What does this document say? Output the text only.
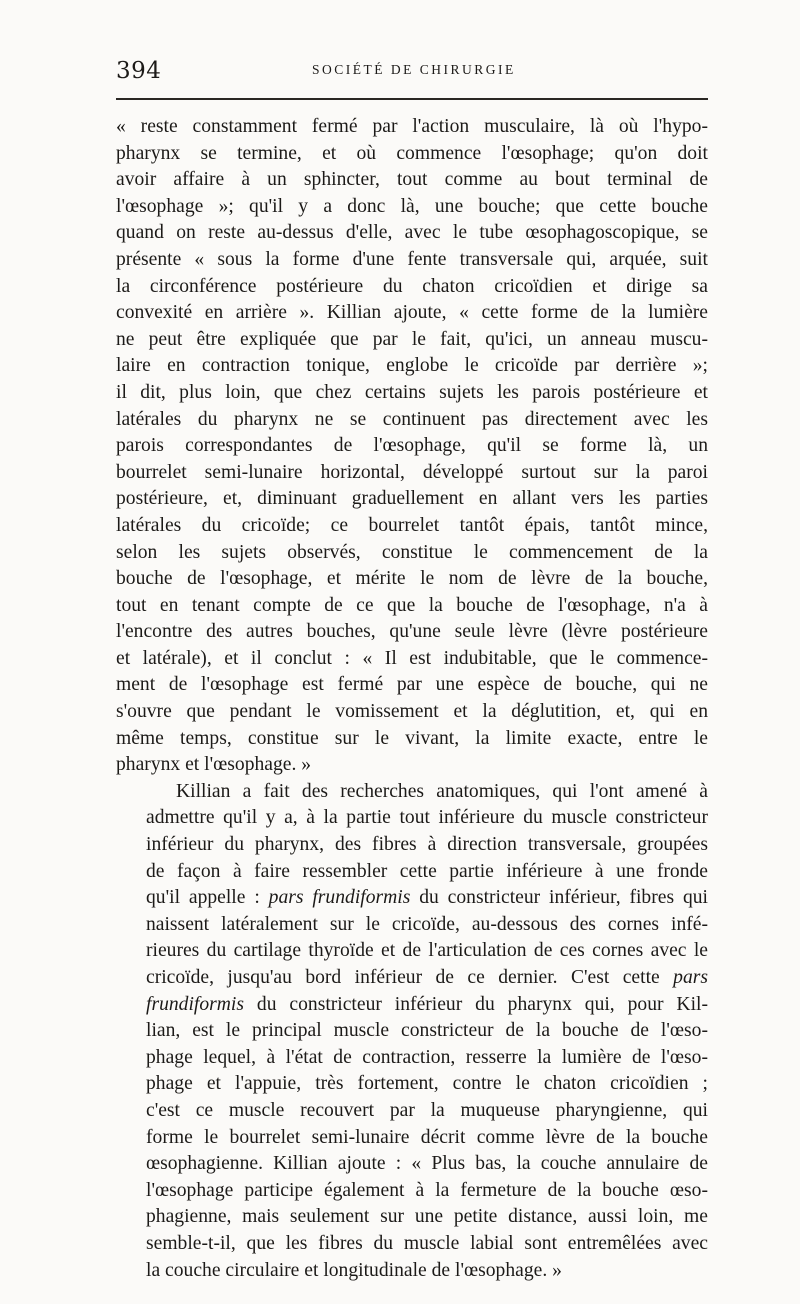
394	SOCIÉTÉ DE CHIRURGIE

« reste constamment fermé par l'action musculaire, là où l'hypo-
pharynx se termine, et où commence l'œsophage; qu'on doit
avoir affaire à un sphincter, tout comme au bout terminal de
l'œsophage »; qu'il y a donc là, une bouche; que cette bouche
quand on reste au-dessus d'elle, avec le tube œsophagoscopique, se
présente « sous la forme d'une fente transversale qui, arquée, suit
la circonférence postérieure du chaton cricoïdien et dirige sa
convexité en arrière ». Killian ajoute, « cette forme de la lumière
ne peut être expliquée que par le fait, qu'ici, un anneau muscu-
laire en contraction tonique, englobe le cricoïde par derrière »;
il dit, plus loin, que chez certains sujets les parois postérieure et
latérales du pharynx ne se continuent pas directement avec les
parois correspondantes de l'œsophage, qu'il se forme là, un
bourrelet semi-lunaire horizontal, développé surtout sur la paroi
postérieure, et, diminuant graduellement en allant vers les parties
latérales du cricoïde; ce bourrelet tantôt épais, tantôt mince,
selon les sujets observés, constitue le commencement de la
bouche de l'œsophage, et mérite le nom de lèvre de la bouche,
tout en tenant compte de ce que la bouche de l'œsophage, n'a à
l'encontre des autres bouches, qu'une seule lèvre (lèvre postérieure
et latérale), et il conclut : « Il est indubitable, que le commence-
ment de l'œsophage est fermé par une espèce de bouche, qui ne
s'ouvre que pendant le vomissement et la déglutition, et, qui en
même temps, constitue sur le vivant, la limite exacte, entre le
pharynx et l'œsophage. »

Killian a fait des recherches anatomiques, qui l'ont amené à
admettre qu'il y a, à la partie tout inférieure du muscle constricteur
inférieur du pharynx, des fibres à direction transversale, groupées
de façon à faire ressembler cette partie inférieure à une fronde
qu'il appelle : pars frundiformis du constricteur inférieur, fibres qui
naissent latéralement sur le cricoïde, au-dessous des cornes infé-
rieures du cartilage thyroïde et de l'articulation de ces cornes avec le
cricoïde, jusqu'au bord inférieur de ce dernier. C'est cette pars
frundiformis du constricteur inférieur du pharynx qui, pour Kil-
lian, est le principal muscle constricteur de la bouche de l'œso-
phage lequel, à l'état de contraction, resserre la lumière de l'œso-
phage et l'appuie, très fortement, contre le chaton cricoïdien ;
c'est ce muscle recouvert par la muqueuse pharyngienne, qui
forme le bourrelet semi-lunaire décrit comme lèvre de la bouche
œsophagienne. Killian ajoute : « Plus bas, la couche annulaire de
l'œsophage participe également à la fermeture de la bouche œso-
phagienne, mais seulement sur une petite distance, aussi loin, me
semble-t-il, que les fibres du muscle labial sont entremêlées avec
la couche circulaire et longitudinale de l'œsophage. »
